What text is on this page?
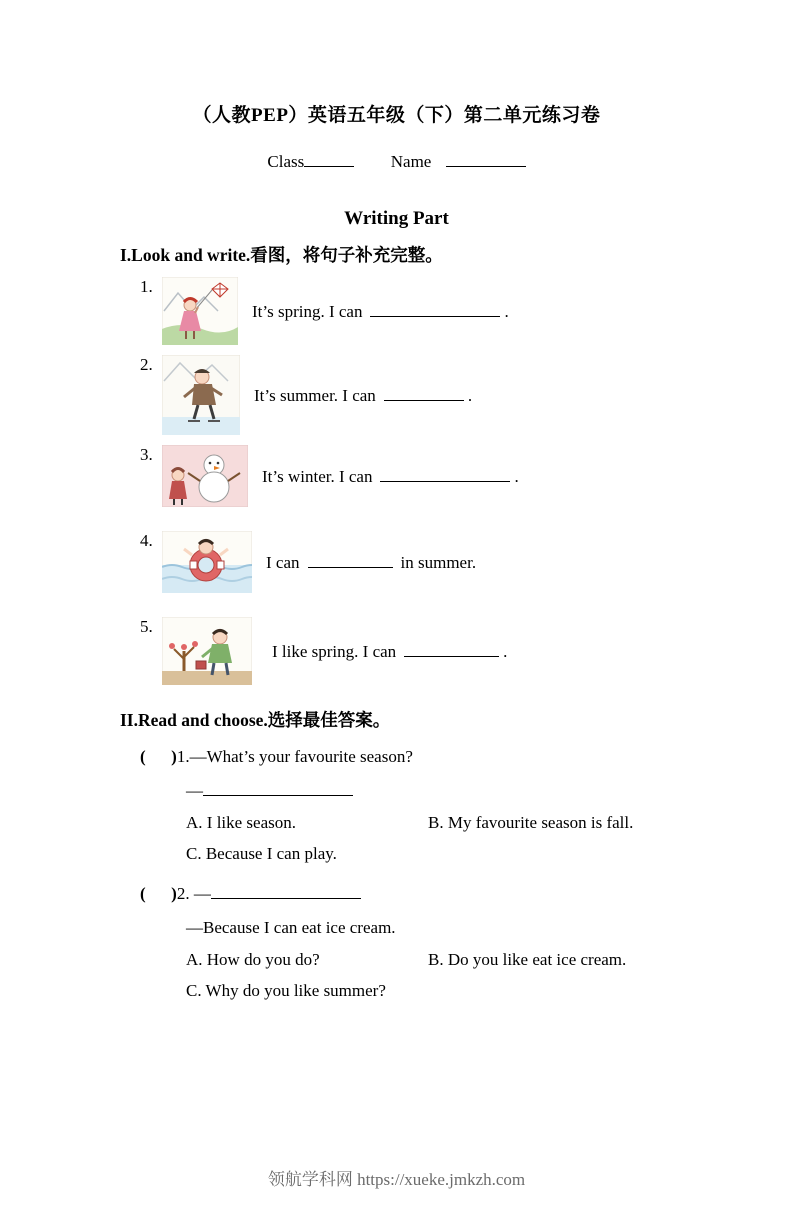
（人教PEP）英语五年级（下）第二单元练习卷
Class	Name
Writing Part
I.Look and write.看图，将句子补充完整。
1.
It’s spring. I can	.
2.
It’s summer. I can	.
3.
It’s winter. I can	.
4.
I can	in summer.
5.
I like spring. I can	.
II.Read and choose.选择最佳答案。
(      )1.—What’s your favourite season?
—
A. I like season.	B. My favourite season is fall.
C. Because I can play.
(      )2. —
—Because I can eat ice cream.
A. How do you do?	B. Do you like eat ice cream.
C. Why do you like summer?
领航学科网 https://xueke.jmkzh.com
